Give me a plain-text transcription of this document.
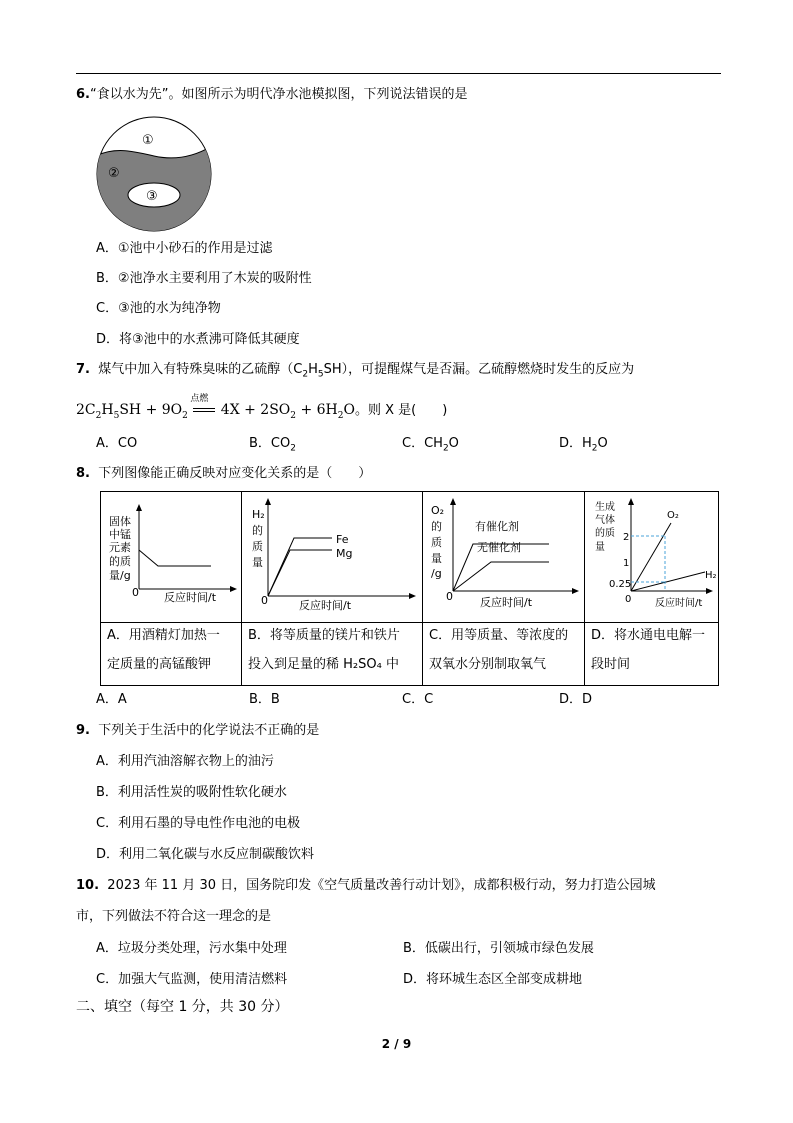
6.“食以水为先”。如图所示为明代净水池模拟图，下列说法错误的是
①
②
③
A．①池中小砂石的作用是过滤
B．②池净水主要利用了木炭的吸附性
C．③池的水为纯净物
D．将③池中的水煮沸可降低其硬度
7. 煤气中加入有特殊臭味的乙硫醇$(C_2H_5SH)$，可提醒煤气是否漏。乙硫醇燃烧时发生的反应为
$2C_2H_5SH + 9O_2$
点燃
$4X + 2SO_2 + 6H_2O$。则 X 是(　　)
A．CO	B．$CO_2$	C．$CH_2O$	D．$H_2O$
8. 下列图像能正确反映对应变化关系的是（　　）
固体
中锰
元素
的质
量/g
0 反应时间/t
H₂
的
质
量
0	反应时间/t
Fe
Mg
O₂
的
质
量
/g
0 反应时间/t
有催化剂
无催化剂
生成
气体
的质
量
0 反应时间/t
O₂
H₂
2
1
0.25
A．用酒精灯加热一
定质量的高锰酸钾
B．将等质量的镁片和铁片
投入到足量的稀 H₂SO₄ 中
C．用等质量、等浓度的
双氧水分别制取氧气
D．将水通电电解一
段时间
A．A	B．B	C．C	D．D
9. 下列关于生活中的化学说法不正确的是
A．利用汽油溶解衣物上的油污
B．利用活性炭的吸附性软化硬水
C．利用石墨的导电性作电池的电极
D．利用二氧化碳与水反应制碳酸饮料
10. 2023 年 11 月 30 日，国务院印发《空气质量改善行动计划》，成都积极行动，努力打造公园城
市，下列做法不符合这一理念的是
A．垃圾分类处理，污水集中处理	B．低碳出行，引领城市绿色发展
C．加强大气监测，使用清洁燃料	D．将环城生态区全部变成耕地
二、填空（每空 1 分，共 30 分）
2 / 9
